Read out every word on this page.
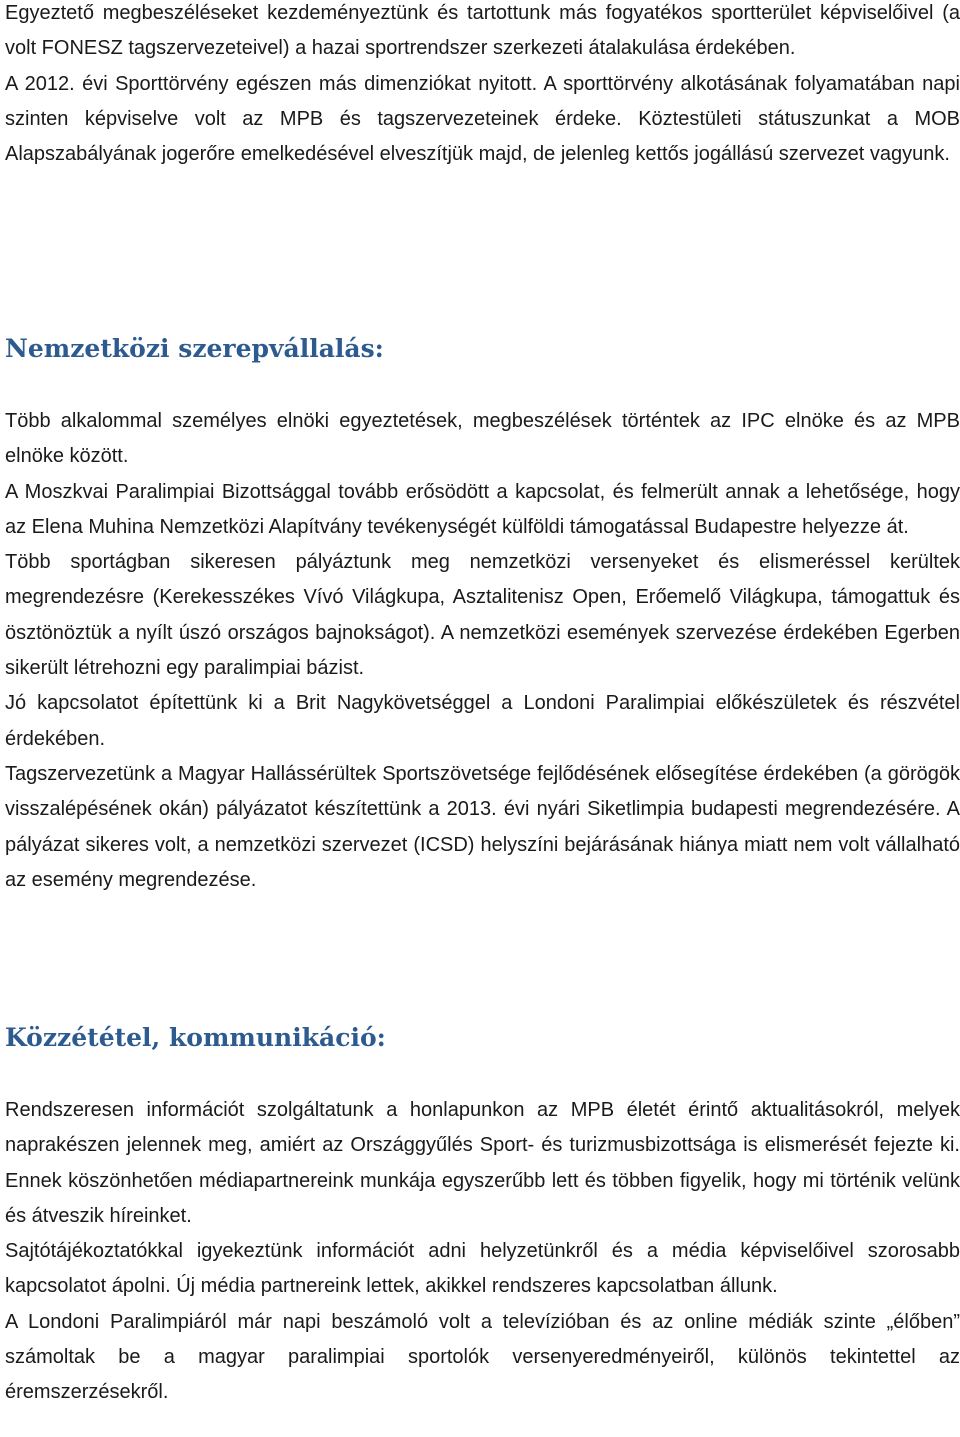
Egyeztető megbeszéléseket kezdeményeztünk és tartottunk más fogyatékos sportterület képviselőivel (a volt FONESZ tagszervezeteivel) a hazai sportrendszer szerkezeti átalakulása érdekében.

A 2012. évi Sporttörvény egészen más dimenziókat nyitott. A sporttörvény alkotásának folyamatában napi szinten képviselve volt az MPB és tagszervezeteinek érdeke. Köztestületi státuszunkat a MOB Alapszabályának jogerőre emelkedésével elveszítjük majd, de jelenleg kettős jogállású szervezet vagyunk.

Nemzetközi szerepvállalás:

Több alkalommal személyes elnöki egyeztetések, megbeszélések történtek az IPC elnöke és az MPB elnöke között.

A Moszkvai Paralimpiai Bizottsággal tovább erősödött a kapcsolat, és felmerült annak a lehetősége, hogy az Elena Muhina Nemzetközi Alapítvány tevékenységét külföldi támogatással Budapestre helyezze át.

Több sportágban sikeresen pályáztunk meg nemzetközi versenyeket és elismeréssel kerültek megrendezésre (Kerekesszékes Vívó Világkupa, Asztalitenisz Open, Erőemelő Világkupa, támogattuk és ösztönöztük a nyílt úszó országos bajnokságot). A nemzetközi események szervezése érdekében Egerben sikerült létrehozni egy paralimpiai bázist.

Jó kapcsolatot építettünk ki a Brit Nagykövetséggel a Londoni Paralimpiai előkészületek és részvétel érdekében.

Tagszervezetünk a Magyar Hallássérültek Sportszövetsége fejlődésének elősegítése érdekében (a görögök visszalépésének okán) pályázatot készítettünk a 2013. évi nyári Siketlimpia budapesti megrendezésére. A pályázat sikeres volt, a nemzetközi szervezet (ICSD) helyszíni bejárásának hiánya miatt nem volt vállalható az esemény megrendezése.

Közzététel, kommunikáció:

Rendszeresen információt szolgáltatunk a honlapunkon az MPB életét érintő aktualitásokról, melyek naprakészen jelennek meg, amiért az Országgyűlés Sport- és turizmusbizottsága is elismerését fejezte ki. Ennek köszönhetően médiapartnereink munkája egyszerűbb lett és többen figyelik, hogy mi történik velünk és átveszik híreinket.

Sajtótájékoztatókkal igyekeztünk információt adni helyzetünkről és a média képviselőivel szorosabb kapcsolatot ápolni. Új média partnereink lettek, akikkel rendszeres kapcsolatban állunk.

A Londoni Paralimpiáról már napi beszámoló volt a televízióban és az online médiák szinte „élőben” számoltak be a magyar paralimpiai sportolók versenyeredményeiről, különös tekintettel az éremszerzésekről.
